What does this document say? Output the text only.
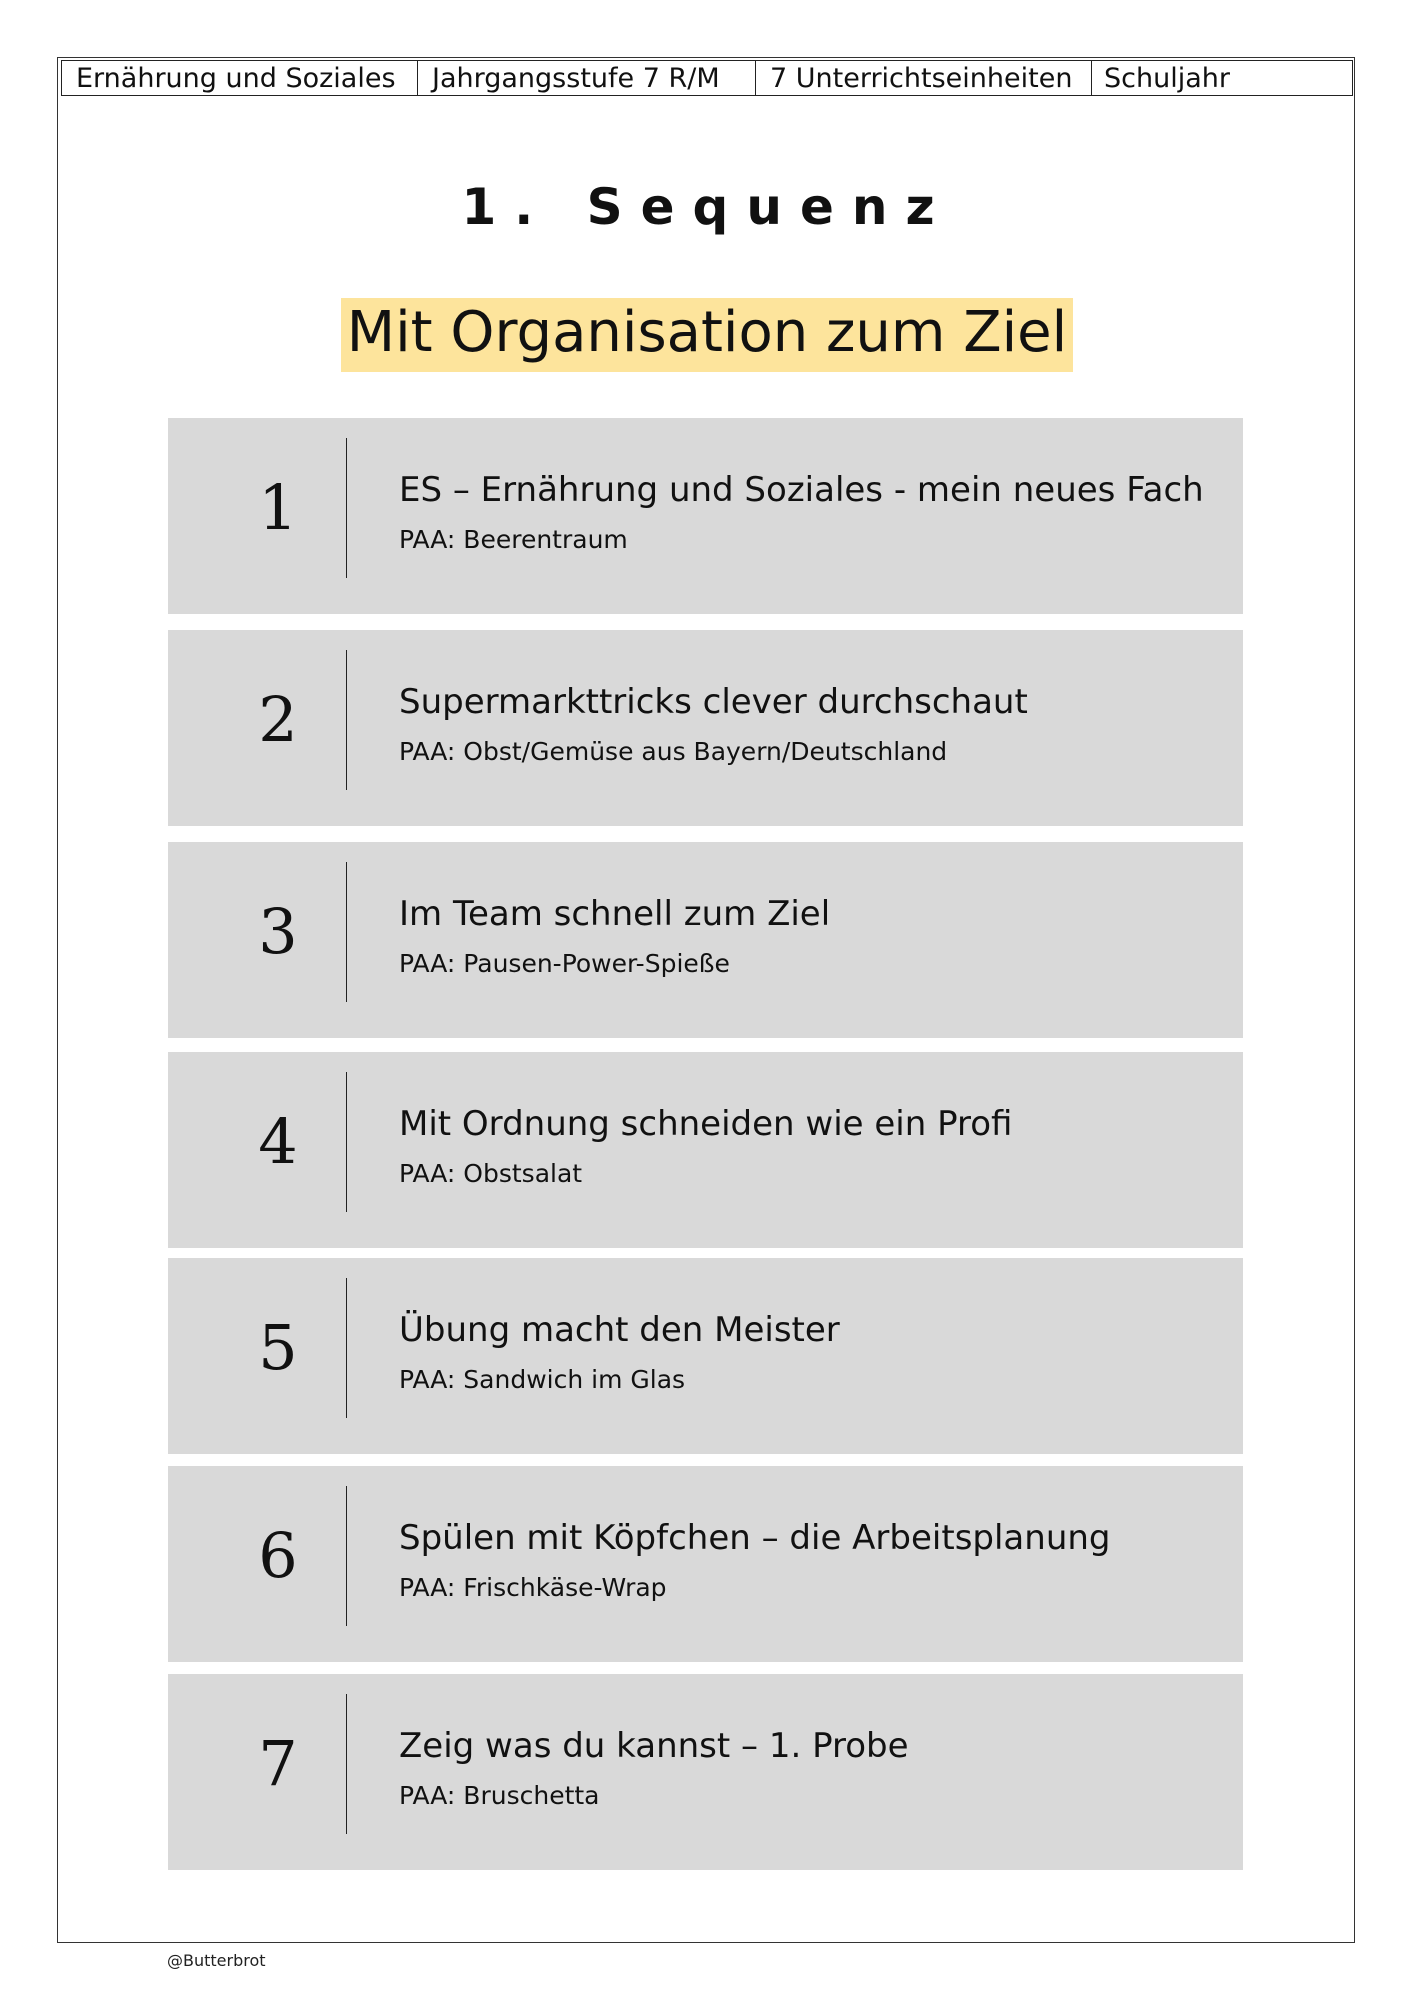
Ernährung und Soziales	Jahrgangsstufe 7 R/M	7 Unterrichtseinheiten	Schuljahr
1. Sequenz
Mit Organisation zum Ziel
1	ES – Ernährung und Soziales - mein neues Fach
PAA: Beerentraum
2	Supermarkttricks clever durchschaut
PAA: Obst/Gemüse aus Bayern/Deutschland
3	Im Team schnell zum Ziel
PAA: Pausen-Power-Spieße
4	Mit Ordnung schneiden wie ein Profi
PAA: Obstsalat
5	Übung macht den Meister
PAA: Sandwich im Glas
6	Spülen mit Köpfchen – die Arbeitsplanung
PAA: Frischkäse-Wrap
7	Zeig was du kannst – 1. Probe
PAA: Bruschetta
@Butterbrot
